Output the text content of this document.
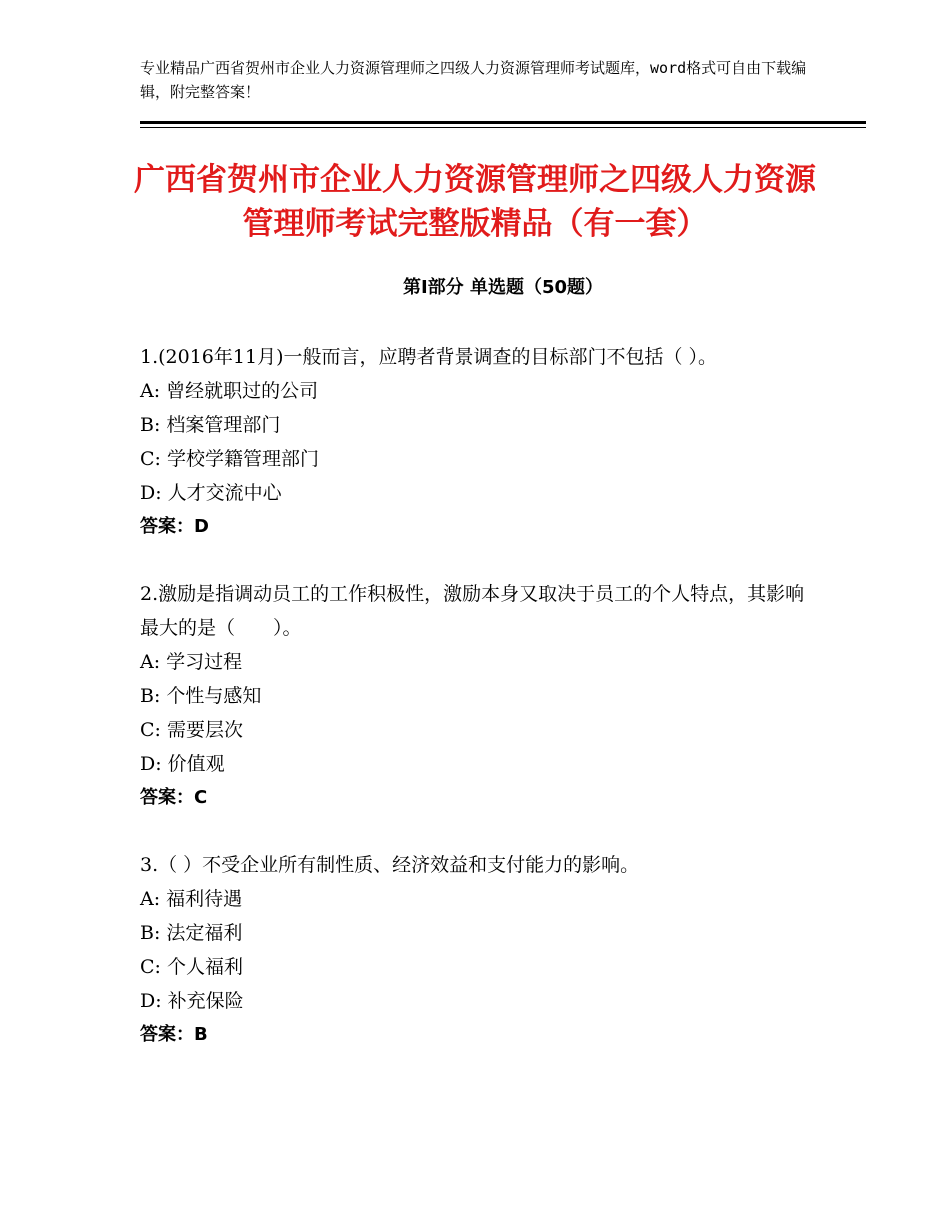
专业精品广西省贺州市企业人力资源管理师之四级人力资源管理师考试题库，word格式可自由下载编辑，附完整答案！
广西省贺州市企业人力资源管理师之四级人力资源管理师考试完整版精品（有一套）
第Ⅰ部分 单选题（50题）

1.(2016年11月)一般而言，应聘者背景调查的目标部门不包括（ ）。

A: 曾经就职过的公司

B: 档案管理部门

C: 学校学籍管理部门

D: 人才交流中心

答案：D

2.激励是指调动员工的工作积极性，激励本身又取决于员工的个人特点，其影响最大的是（　　）。

A: 学习过程

B: 个性与感知

C: 需要层次

D: 价值观

答案：C

3.（ ）不受企业所有制性质、经济效益和支付能力的影响。

A: 福利待遇

B: 法定福利

C: 个人福利

D: 补充保险

答案：B
